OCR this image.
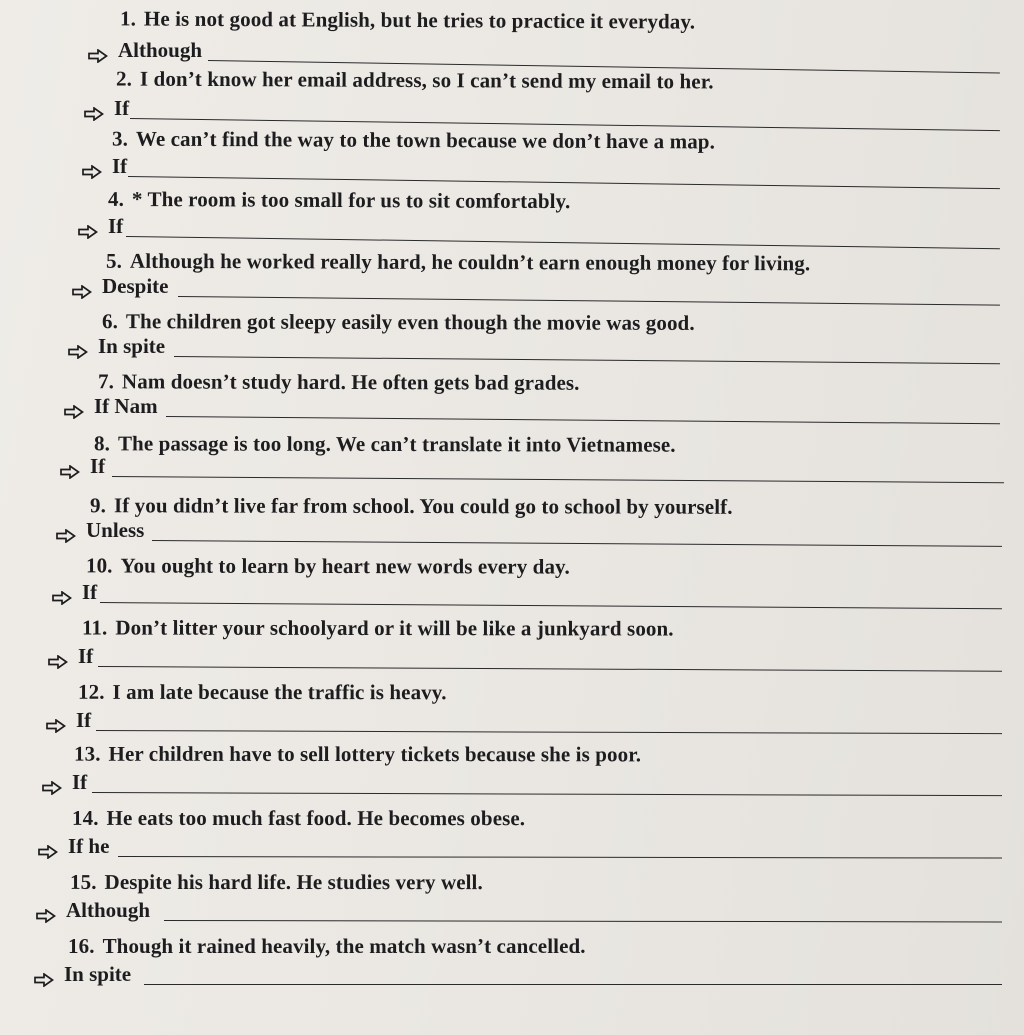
1. He is not good at English, but he tries to practice it everyday.
Although
2. I don’t know her email address, so I can’t send my email to her.
If
3. We can’t find the way to the town because we don’t have a map.
If
4. * The room is too small for us to sit comfortably.
If
5. Although he worked really hard, he couldn’t earn enough money for living.
Despite
6. The children got sleepy easily even though the movie was good.
In spite
7. Nam doesn’t study hard. He often gets bad grades.
If Nam
8. The passage is too long. We can’t translate it into Vietnamese.
If
9. If you didn’t live far from school. You could go to school by yourself.
Unless
10. You ought to learn by heart new words every day.
If
11. Don’t litter your schoolyard or it will be like a junkyard soon.
If
12. I am late because the traffic is heavy.
If
13. Her children have to sell lottery tickets because she is poor.
If
14. He eats too much fast food. He becomes obese.
If he
15. Despite his hard life. He studies very well.
Although
16. Though it rained heavily, the match wasn’t cancelled.
In spite
